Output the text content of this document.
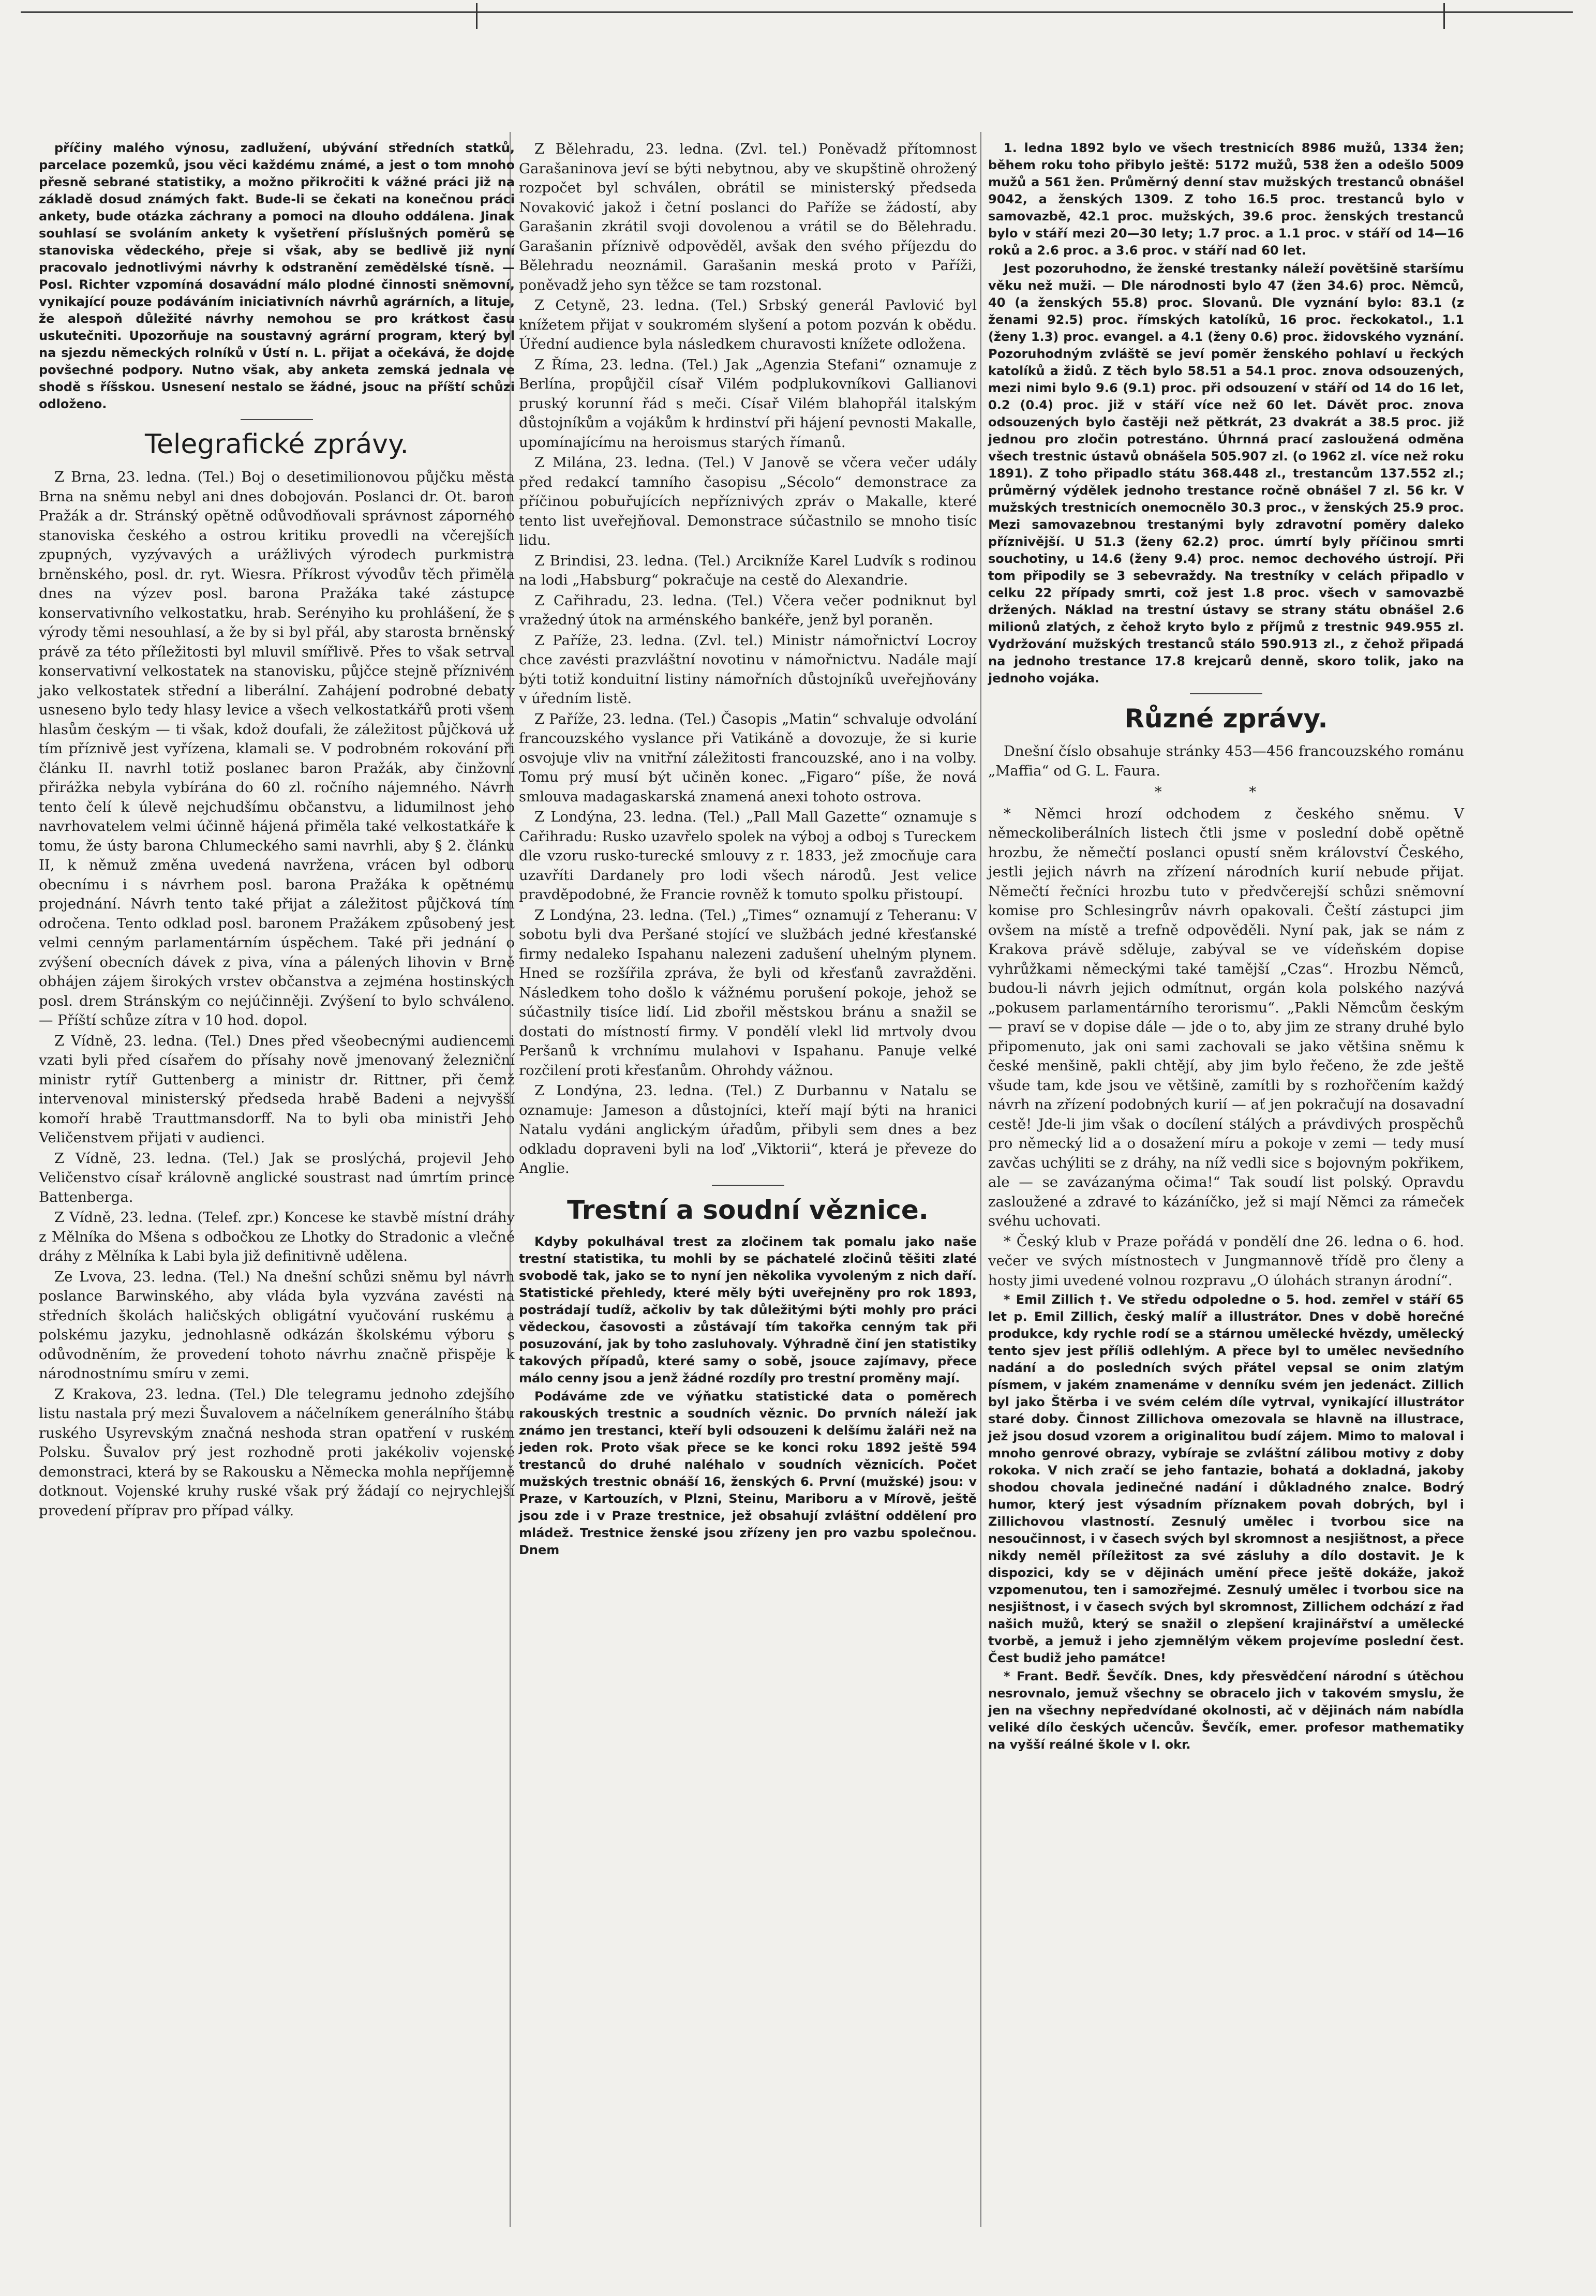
příčiny malého výnosu, zadlužení, ubývání středních statků, parcelace pozemků, jsou věci každému známé, a jest o tom mnoho přesně sebrané statistiky, a možno přikročiti k vážné práci již na základě dosud známých fakt. Bude-li se čekati na konečnou práci ankety, bude otázka záchrany a pomoci na dlouho oddálena. Jinak souhlasí se svoláním ankety k vyšetření příslušných poměrů se stanoviska vědeckého, přeje si však, aby se bedlivě již nyní pracovalo jednotlivými návrhy k odstranění zemědělské tísně. — Posl. Richter vzpomíná dosavádní málo plodné činnosti sněmovní, vynikající pouze podáváním iniciativních návrhů agrárních, a lituje, že alespoň důležité návrhy nemohou se pro krátkost času uskutečniti. Upozorňuje na soustavný agrární program, který byl na sjezdu německých rolníků v Ústí n. L. přijat a očekává, že dojde povšechné podpory. Nutno však, aby anketa zemská jednala ve shodě s říšskou. Usnesení nestalo se žádné, jsouc na příští schůzi odloženo.

Telegrafické zprávy.

Z Brna, 23. ledna. (Tel.) Boj o desetimilionovou půjčku města Brna na sněmu nebyl ani dnes dobojován. Poslanci dr. Ot. baron Pražák a dr. Stránský opětně odůvodňovali správnost záporného stanoviska českého a ostrou kritiku provedli na včerejších zpupných, vyzývavých a urážlivých výrodech purkmistra brněnského, posl. dr. ryt. Wiesra. Příkrost vývodův těch přiměla dnes na výzev posl. barona Pražáka také zástupce konservativního velkostatku, hrab. Serényiho ku prohlášení, že s výrody těmi nesouhlasí, a že by si byl přál, aby starosta brněnský právě za této příležitosti byl mluvil smířlivě. Přes to však setrval konservativní velkostatek na stanovisku, půjčce stejně příznivém jako velkostatek střední a liberální. Zahájení podrobné debaty usneseno bylo tedy hlasy levice a všech velkostatkářů proti všem hlasům českým — ti však, kdož doufali, že záležitost půjčková už tím příznivě jest vyřízena, klamali se. V podrobném rokování při článku II. navrhl totiž poslanec baron Pražák, aby činžovní přirážka nebyla vybírána do 60 zl. ročního nájemného. Návrh tento čelí k úlevě nejchudšímu občanstvu, a lidumilnost jeho navrhovatelem velmi účinně hájená přiměla také velkostatkáře k tomu, že ústy barona Chlumeckého sami navrhli, aby § 2. článku II, k němuž změna uvedená navržena, vrácen byl odboru obecnímu i s návrhem posl. barona Pražáka k opětnému projednání. Návrh tento také přijat a záležitost půjčková tím odročena. Tento odklad posl. baronem Pražákem způsobený jest velmi cenným parlamentárním úspěchem. Také při jednání o zvýšení obecních dávek z piva, vína a pálených lihovin v Brně obhájen zájem širokých vrstev občanstva a zejména hostinských posl. drem Stránským co nejúčinněji. Zvýšení to bylo schváleno. — Příští schůze zítra v 10 hod. dopol.

Z Vídně, 23. ledna. (Tel.) Dnes před všeobecnými audiencemi vzati byli před císařem do přísahy nově jmenovaný železniční ministr rytíř Guttenberg a ministr dr. Rittner, při čemž intervenoval ministerský předseda hrabě Badeni a nejvyšší komoří hrabě Trauttmansdorff. Na to byli oba ministři Jeho Veličenstvem přijati v audienci.

Z Vídně, 23. ledna. (Tel.) Jak se proslýchá, projevil Jeho Veličenstvo císař královně anglické soustrast nad úmrtím prince Battenberga.

Z Vídně, 23. ledna. (Telef. zpr.) Koncese ke stavbě místní dráhy z Mělníka do Mšena s odbočkou ze Lhotky do Stradonic a vlečné dráhy z Mělníka k Labi byla již definitivně udělena.

Ze Lvova, 23. ledna. (Tel.) Na dnešní schůzi sněmu byl návrh poslance Barwinského, aby vláda byla vyzvána zavésti na středních školách haličských obligátní vyučování ruskému a polskému jazyku, jednohlasně odkázán školskému výboru s odůvodněním, že provedení tohoto návrhu značně přispěje k národnostnímu smíru v zemi.

Z Krakova, 23. ledna. (Tel.) Dle telegramu jednoho zdejšího listu nastala prý mezi Šuvalovem a náčelníkem generálního štábu ruského Usyrevským značná neshoda stran opatření v ruském Polsku. Šuvalov prý jest rozhodně proti jakékoliv vojenské demonstraci, která by se Rakousku a Německa mohla nepříjemně dotknout. Vojenské kruhy ruské však prý žádají co nejrychlejší provedení příprav pro případ války.

Z Bělehradu, 23. ledna. (Zvl. tel.) Poněvadž přítomnost Garašaninova jeví se býti nebytnou, aby ve skupštině ohrožený rozpočet byl schválen, obrátil se ministerský předseda Novaković jakož i četní poslanci do Paříže se žádostí, aby Garašanin zkrátil svoji dovolenou a vrátil se do Bělehradu. Garašanin příznivě odpověděl, avšak den svého příjezdu do Bělehradu neoznámil. Garašanin meská proto v Paříži, poněvadž jeho syn těžce se tam rozstonal.

Z Cetyně, 23. ledna. (Tel.) Srbský generál Pavlović byl knížetem přijat v soukromém slyšení a potom pozván k obědu. Úřední audience byla následkem churavosti knížete odložena.

Z Říma, 23. ledna. (Tel.) Jak „Agenzia Stefani“ oznamuje z Berlína, propůjčil císař Vilém podplukovníkovi Gallianovi pruský korunní řád s meči. Císař Vilém blahopřál italským důstojníkům a vojákům k hrdinství při hájení pevnosti Makalle, upomínajícímu na heroismus starých římanů.

Z Milána, 23. ledna. (Tel.) V Janově se včera večer udály před redakcí tamního časopisu „Sécolo“ demonstrace za příčinou pobuřujících nepříznivých zpráv o Makalle, které tento list uveřejňoval. Demonstrace súčastnilo se mnoho tisíc lidu.

Z Brindisi, 23. ledna. (Tel.) Arcikníže Karel Ludvík s rodinou na lodi „Habsburg“ pokračuje na cestě do Alexandrie.

Z Cařihradu, 23. ledna. (Tel.) Včera večer podniknut byl vražedný útok na arménského bankéře, jenž byl poraněn.

Z Paříže, 23. ledna. (Zvl. tel.) Ministr námořnictví Locroy chce zavésti prazvláštní novotinu v námořnictvu. Nadále mají býti totiž konduitní listiny námořních důstojníků uveřejňovány v úředním listě.

Z Paříže, 23. ledna. (Tel.) Časopis „Matin“ schvaluje odvolání francouzského vyslance při Vatikáně a dovozuje, že si kurie osvojuje vliv na vnitřní záležitosti francouzské, ano i na volby. Tomu prý musí být učiněn konec. „Figaro“ píše, že nová smlouva madagaskarská znamená anexi tohoto ostrova.

Z Londýna, 23. ledna. (Tel.) „Pall Mall Gazette“ oznamuje s Cařihradu: Rusko uzavřelo spolek na výboj a odboj s Tureckem dle vzoru rusko-turecké smlouvy z r. 1833, jež zmocňuje cara uzavříti Dardanely pro lodi všech národů. Jest velice pravděpodobné, že Francie rovněž k tomuto spolku přistoupí.

Z Londýna, 23. ledna. (Tel.) „Times“ oznamují z Teheranu: V sobotu byli dva Peršané stojící ve službách jedné křesťanské firmy nedaleko Ispahanu nalezeni zadušení uhelným plynem. Hned se rozšířila zpráva, že byli od křesťanů zavražděni. Následkem toho došlo k vážnému porušení pokoje, jehož se súčastnily tisíce lidí. Lid zbořil městskou bránu a snažil se dostati do místností firmy. V pondělí vlekl lid mrtvoly dvou Peršanů k vrchnímu mulahovi v Ispahanu. Panuje velké rozčilení proti křesťanům. Ohrohdy vážnou.

Z Londýna, 23. ledna. (Tel.) Z Durbannu v Natalu se oznamuje: Jameson a důstojníci, kteří mají býti na hranici Natalu vydáni anglickým úřadům, přibyli sem dnes a bez odkladu dopraveni byli na loď „Viktorii“, která je převeze do Anglie.

Trestní a soudní věznice.

Kdyby pokulhával trest za zločinem tak pomalu jako naše trestní statistika, tu mohli by se páchatelé zločinů těšiti zlaté svobodě tak, jako se to nyní jen několika vyvoleným z nich daří. Statistické přehledy, které měly býti uveřejněny pro rok 1893, postrádají tudíž, ačkoliv by tak důležitými býti mohly pro práci vědeckou, časovosti a zůstávají tím takořka cenným tak při posuzování, jak by toho zasluhovaly. Výhradně činí jen statistiky takových případů, které samy o sobě, jsouce zajímavy, přece málo cenny jsou a jenž žádné rozdíly pro trestní proměny mají.

Podáváme zde ve výňatku statistické data o poměrech rakouských trestnic a soudních věznic. Do prvních náleží jak známo jen trestanci, kteří byli odsouzeni k delšímu žaláři než na jeden rok. Proto však přece se ke konci roku 1892 ještě 594 trestanců do druhé naléhalo v soudních věznicích. Počet mužských trestnic obnáší 16, ženských 6. První (mužské) jsou: v Praze, v Kartouzích, v Plzni, Steinu, Mariboru a v Mírově, ještě jsou zde i v Praze trestnice, jež obsahují zvláštní oddělení pro mládež. Trestnice ženské jsou zřízeny jen pro vazbu společnou. Dnem

1. ledna 1892 bylo ve všech trestnicích 8986 mužů, 1334 žen; během roku toho přibylo ještě: 5172 mužů, 538 žen a odešlo 5009 mužů a 561 žen. Průměrný denní stav mužských trestanců obnášel 9042, a ženských 1309. Z toho 16.5 proc. trestanců bylo v samovazbě, 42.1 proc. mužských, 39.6 proc. ženských trestanců bylo v stáří mezi 20—30 lety; 1.7 proc. a 1.1 proc. v stáří od 14—16 roků a 2.6 proc. a 3.6 proc. v stáří nad 60 let.

Jest pozoruhodno, že ženské trestanky náleží povětšině staršímu věku než muži. — Dle národnosti bylo 47 (žen 34.6) proc. Němců, 40 (a ženských 55.8) proc. Slovanů. Dle vyznání bylo: 83.1 (z ženami 92.5) proc. římských katolíků, 16 proc. řeckokatol., 1.1 (ženy 1.3) proc. evangel. a 4.1 (ženy 0.6) proc. židovského vyznání. Pozoruhodným zvláště se jeví poměr ženského pohlaví u řeckých katolíků a židů. Z těch bylo 58.51 a 54.1 proc. znova odsouzených, mezi nimi bylo 9.6 (9.1) proc. při odsouzení v stáří od 14 do 16 let, 0.2 (0.4) proc. již v stáří více než 60 let. Dávět proc. znova odsouzených bylo častěji než pětkrát, 23 dvakrát a 38.5 proc. již jednou pro zločin potrestáno. Úhrnná prací zasloužená odměna všech trestnic ústavů obnášela 505.907 zl. (o 1962 zl. více než roku 1891). Z toho připadlo státu 368.448 zl., trestancům 137.552 zl.; průměrný výdělek jednoho trestance ročně obnášel 7 zl. 56 kr. V mužských trestnicích onemocnělo 30.3 proc., v ženských 25.9 proc. Mezi samovazebnou trestanými byly zdravotní poměry daleko příznivější. U 51.3 (ženy 62.2) proc. úmrtí byly příčinou smrti souchotiny, u 14.6 (ženy 9.4) proc. nemoc dechového ústrojí. Při tom připodily se 3 sebevraždy. Na trestníky v celách připadlo v celku 22 případy smrti, což jest 1.8 proc. všech v samovazbě držených. Náklad na trestní ústavy se strany státu obnášel 2.6 milionů zlatých, z čehož kryto bylo z příjmů z trestnic 949.955 zl. Vydržování mužských trestanců stálo 590.913 zl., z čehož připadá na jednoho trestance 17.8 krejcarů denně, skoro tolik, jako na jednoho vojáka.

Různé zprávy.

Dnešní číslo obsahuje stránky 453—456 francouzského románu „Maffia“ od G. L. Faura.

* *

* Němci hrozí odchodem z českého sněmu. V německoliberálních listech čtli jsme v poslední době opětně hrozbu, že němečtí poslanci opustí sněm království Českého, jestli jejich návrh na zřízení národních kurií nebude přijat. Němečtí řečníci hrozbu tuto v předvčerejší schůzi sněmovní komise pro Schlesingrův návrh opakovali. Čeští zástupci jim ovšem na místě a trefně odpověděli. Nyní pak, jak se nám z Krakova právě sděluje, zabýval se ve vídeňském dopise vyhrůžkami německými také tamější „Czas“. Hrozbu Němců, budou-li návrh jejich odmítnut, orgán kola polského nazývá „pokusem parlamentárního terorismu“. „Pakli Němcům českým — praví se v dopise dále — jde o to, aby jim ze strany druhé bylo připomenuto, jak oni sami zachovali se jako většina sněmu k české menšině, pakli chtějí, aby jim bylo řečeno, že zde ještě všude tam, kde jsou ve většině, zamítli by s rozhořčením každý návrh na zřízení podobných kurií — ať jen pokračují na dosavadní cestě! Jde-li jim však o docílení stálých a právdivých prospěchů pro německý lid a o dosažení míru a pokoje v zemi — tedy musí zavčas uchýliti se z dráhy, na níž vedli sice s bojovným pokřikem, ale — se zavázanýma očima!“ Tak soudí list polský. Opravdu zasloužené a zdravé to kázáníčko, jež si mají Němci za rámeček svéhu uchovati.

* Český klub v Praze pořádá v pondělí dne 26. ledna o 6. hod. večer ve svých místnostech v Jungmannově třídě pro členy a hosty jimi uvedené volnou rozpravu „O úlohách stranyn árodní“.

* Emil Zillich †. Ve středu odpoledne o 5. hod. zemřel v stáří 65 let p. Emil Zillich, český malíř a illustrátor. Dnes v době horečné produkce, kdy rychle rodí se a stárnou umělecké hvězdy, umělecký tento sjev jest příliš odlehlým. A přece byl to umělec nevšedního nadání a do posledních svých přátel vepsal se onim zlatým písmem, v jakém znamenáme v denníku svém jen jedenáct. Zillich byl jako Štěrba i ve svém celém díle vytrval, vynikající illustrátor staré doby. Činnost Zillichova omezovala se hlavně na illustrace, jež jsou dosud vzorem a originalitou budí zájem. Mimo to maloval i mnoho genrové obrazy, vybíraje se zvláštní zálibou motivy z doby rokoka. V nich zračí se jeho fantazie, bohatá a dokladná, jakoby shodou chovala jedinečné nadání i důkladného znalce. Bodrý humor, který jest výsadním příznakem povah dobrých, byl i Zillichovou vlastností. Zesnulý umělec i tvorbou sice na nesoučinnost, i v časech svých byl skromnost a nesjištnost, a přece nikdy neměl příležitost za své zásluhy a dílo dostavit. Je k dispozici, kdy se v dějinách umění přece ještě dokáže, jakož vzpomenutou, ten i samozřejmé. Zesnulý umělec i tvorbou sice na nesjištnost, i v časech svých byl skromnost, Zillichem odchází z řad našich mužů, který se snažil o zlepšení krajinářství a umělecké tvorbě, a jemuž i jeho zjemnělým věkem projevíme poslední čest. Čest budiž jeho památce!

* Frant. Bedř. Ševčík. Dnes, kdy přesvědčení národní s útěchou nesrovnalo, jemuž všechny se obracelo jich v takovém smyslu, že jen na všechny nepředvídané okolnosti, ač v dějinách nám nabídla veliké dílo českých učencův. Ševčík, emer. profesor mathematiky na vyšší reálné škole v I. okr.
